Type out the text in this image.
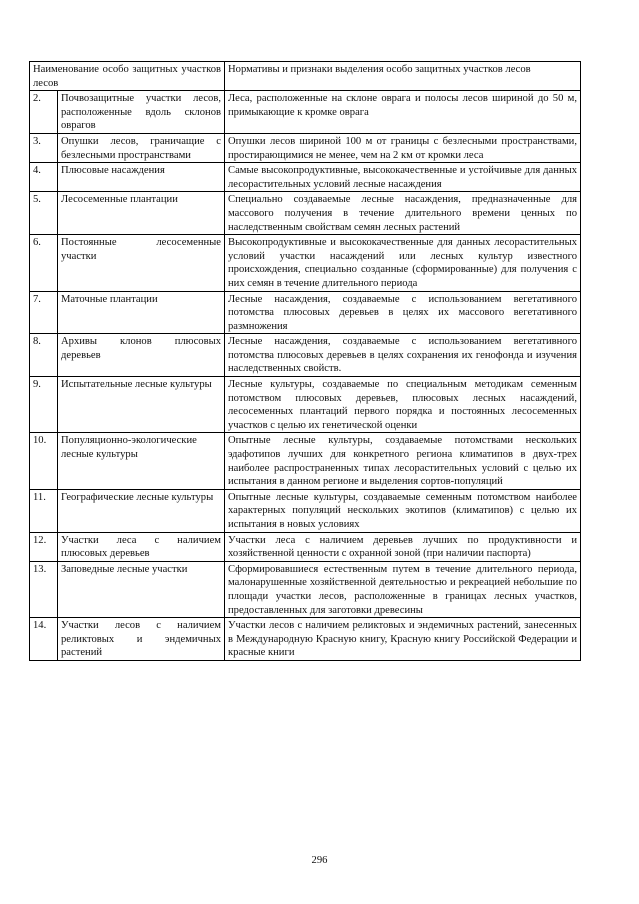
Наименование особо защитных участков лесов		Нормативы и признаки выделения особо защитных участков лесов
2.	Почвозащитные участки лесов, расположенные вдоль склонов оврагов	Леса, расположенные на склоне оврага и полосы лесов шириной до 50 м, примыкающие к кромке оврага
3.	Опушки лесов, граничащие с безлесными пространствами	Опушки лесов шириной 100 м от границы с безлесными пространствами, простирающимися не менее, чем на 2 км от кромки леса
4.	Плюсовые насаждения	Самые высокопродуктивные, высококачественные и устойчивые для данных лесорастительных условий лесные насаждения
5.	Лесосеменные плантации	Специально создаваемые лесные насаждения, предназначенные для массового получения в течение длительного времени ценных по наследственным свойствам семян лесных растений
6.	Постоянные лесосеменные участки	Высокопродуктивные и высококачественные для данных лесорастительных условий участки насаждений или лесных культур известного происхождения, специально созданные (сформированные) для получения с них семян в течение длительного периода
7.	Маточные плантации	Лесные насаждения, создаваемые с использованием вегетативного потомства плюсовых деревьев в целях их массового вегетативного размножения
8.	Архивы клонов плюсовых деревьев	Лесные насаждения, создаваемые с использованием вегетативного потомства плюсовых деревьев в целях сохранения их генофонда и изучения наследственных свойств.
9.	Испытательные лесные культуры	Лесные культуры, создаваемые по специальным методикам семенным потомством плюсовых деревьев, плюсовых лесных насаждений, лесосеменных плантаций первого порядка и постоянных лесосеменных участков с целью их генетической оценки
10.	Популяционно-экологические лесные культуры	Опытные лесные культуры, создаваемые потомствами нескольких эдафотипов лучших для конкретного региона климатипов в двух-трех наиболее распространенных типах лесорастительных условий с целью их испытания в данном регионе и выделения сортов-популяций
11.	Географические лесные культуры	Опытные лесные культуры, создаваемые семенным потомством наиболее характерных популяций нескольких экотипов (климатипов) с целью их испытания в новых условиях
12.	Участки леса с наличием плюсовых деревьев	Участки леса с наличием деревьев лучших по продуктивности и хозяйственной ценности с охранной зоной (при наличии паспорта)
13.	Заповедные лесные участки	Сформировавшиеся естественным путем в течение длительного периода, малонарушенные хозяйственной деятельностью и рекреацией небольшие по площади участки лесов, расположенные в границах лесных участков, предоставленных для заготовки древесины
14.	Участки лесов с наличием реликтовых и эндемичных растений	Участки лесов с наличием реликтовых и эндемичных растений, занесенных в Международную Красную книгу, Красную книгу Российской Федерации и красные книги
296
